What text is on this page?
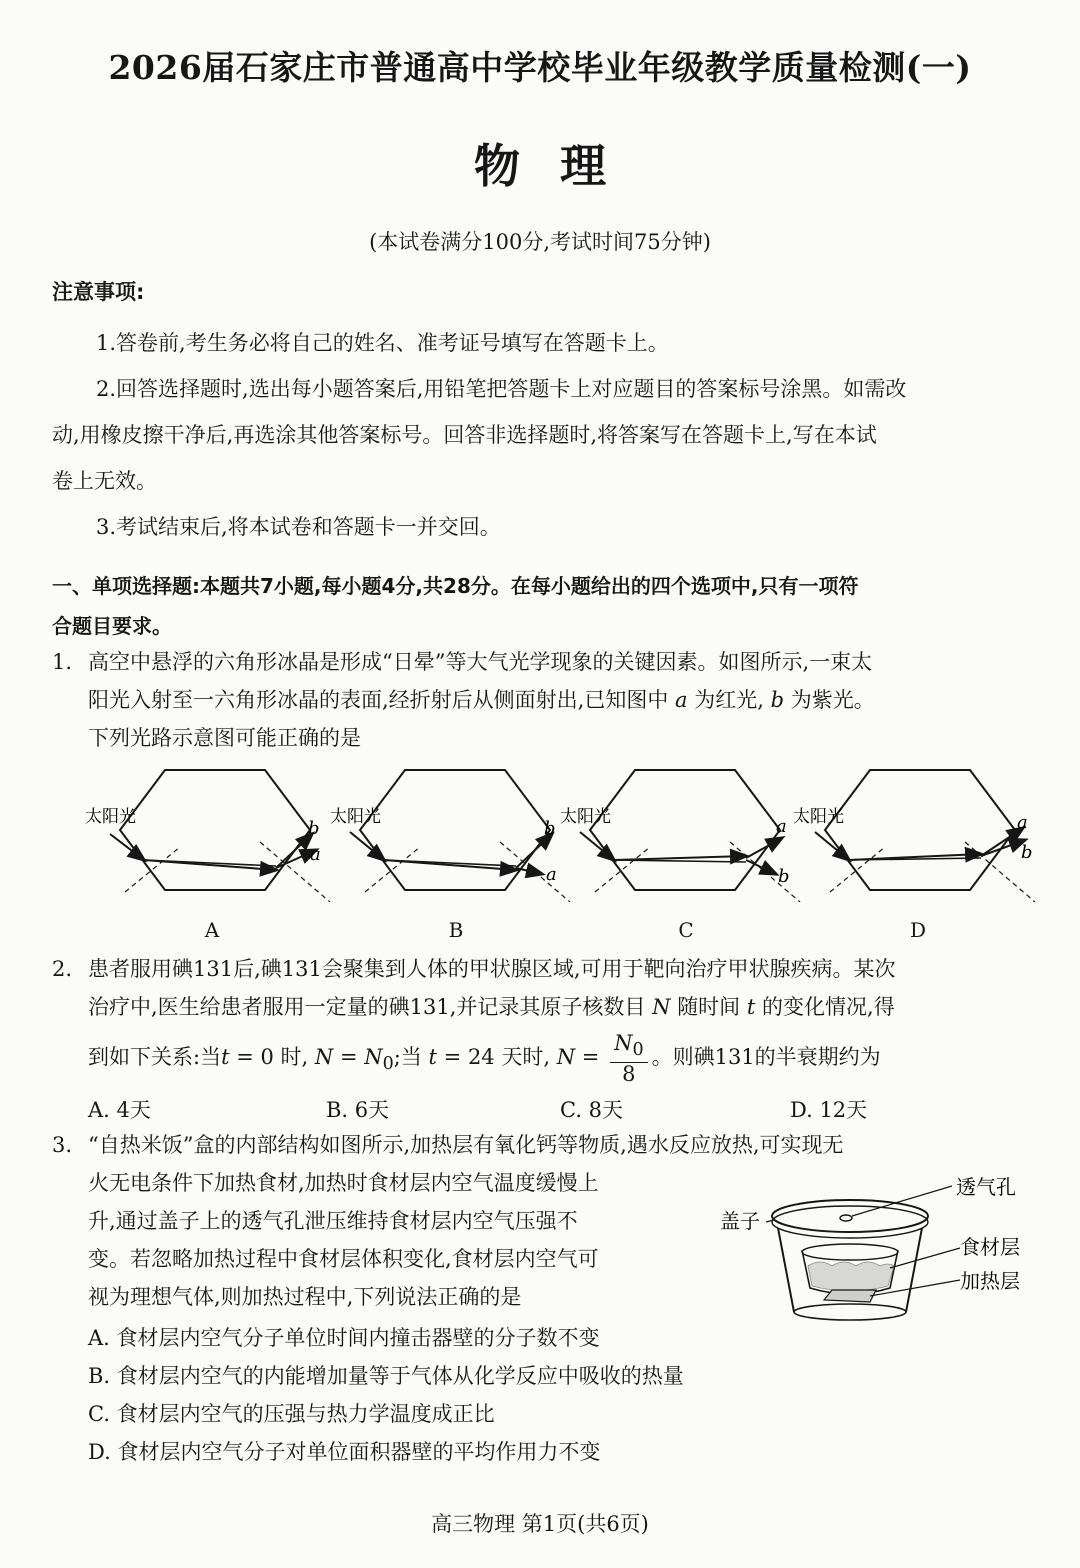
2026届石家庄市普通高中学校毕业年级教学质量检测(一)
物理
(本试卷满分100分,考试时间75分钟)
注意事项:
1.答卷前,考生务必将自己的姓名、准考证号填写在答题卡上。
2.回答选择题时,选出每小题答案后,用铅笔把答题卡上对应题目的答案标号涂黑。如需改
动,用橡皮擦干净后,再选涂其他答案标号。回答非选择题时,将答案写在答题卡上,写在本试
卷上无效。
3.考试结束后,将本试卷和答题卡一并交回。
一、单项选择题:本题共7小题,每小题4分,共28分。在每小题给出的四个选项中,只有一项符
合题目要求。
1. 高空中悬浮的六角形冰晶是形成“日晕”等大气光学现象的关键因素。如图所示,一束太
阳光入射至一六角形冰晶的表面,经折射后从侧面射出,已知图中 a 为红光, b 为紫光。
下列光路示意图可能正确的是
太阳光
b
a
太阳光
b
a
太阳光	a
b
太阳光	a
b
A	B	C	D
2. 患者服用碘131后,碘131会聚集到人体的甲状腺区域,可用于靶向治疗甲状腺疾病。某次
治疗中,医生给患者服用一定量的碘131,并记录其原子核数目 N 随时间 t 的变化情况,得
到如下关系:当t = 0 时, $N = N_0$;当 t = 24 天时, $N = \frac{N_0}{8}$ 。则碘131的半衰期约为
A. 4天	B. 6天	C. 8天	D. 12天
3. “自热米饭”盒的内部结构如图所示,加热层有氧化钙等物质,遇水反应放热,可实现无
火无电条件下加热食材,加热时食材层内空气温度缓慢上
升,通过盖子上的透气孔泄压维持食材层内空气压强不
变。若忽略加热过程中食材层体积变化,食材层内空气可
视为理想气体,则加热过程中,下列说法正确的是
A. 食材层内空气分子单位时间内撞击器壁的分子数不变
B. 食材层内空气的内能增加量等于气体从化学反应中吸收的热量
C. 食材层内空气的压强与热力学温度成正比
D. 食材层内空气分子对单位面积器壁的平均作用力不变
盖子
透气孔
食材层
加热层
高三物理 第1页(共6页)
